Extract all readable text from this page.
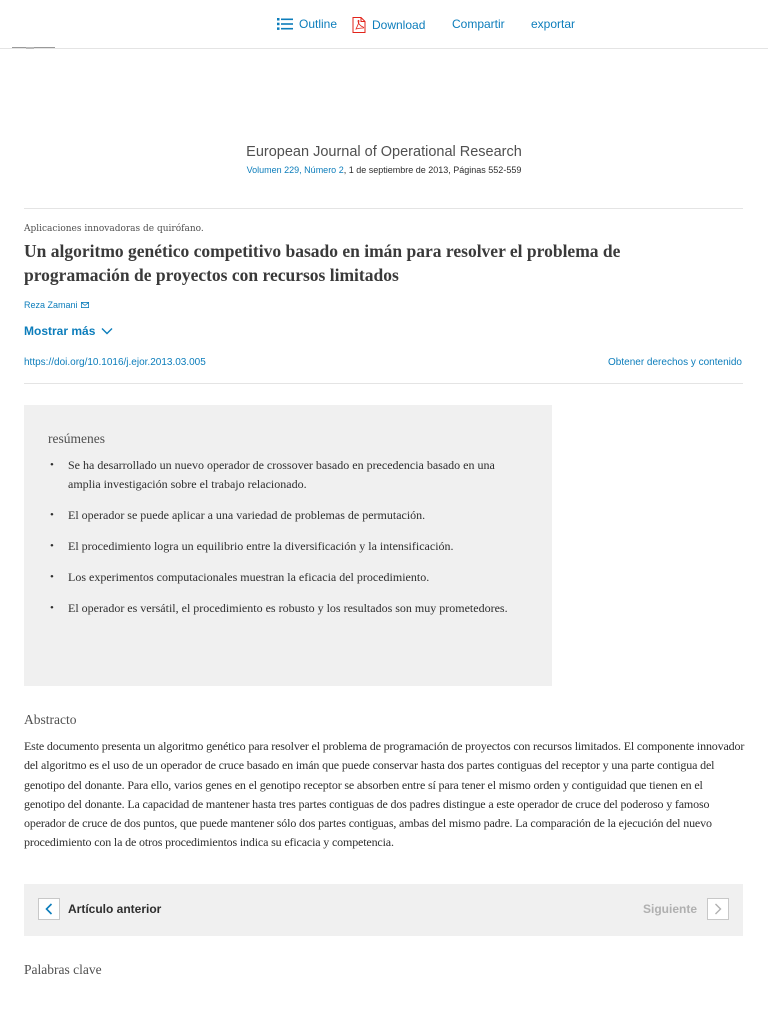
Outline	Download Compartir exportar
European Journal of Operational Research
Volumen 229, Número 2, 1 de septiembre de 2013, Páginas 552-559
Aplicaciones innovadoras de quirófano.
Un algoritmo genético competitivo basado en imán para resolver el problema de programación de proyectos con recursos limitados
Reza Zamani
Mostrar más
https://doi.org/10.1016/j.ejor.2013.03.005	Obtener derechos y contenido
resúmenes
• Se ha desarrollado un nuevo operador de crossover basado en precedencia basado en una amplia investigación sobre el trabajo relacionado.
• El operador se puede aplicar a una variedad de problemas de permutación.
• El procedimiento logra un equilibrio entre la diversificación y la intensificación.
• Los experimentos computacionales muestran la eficacia del procedimiento.
• El operador es versátil, el procedimiento es robusto y los resultados son muy prometedores.
Abstracto

Este documento presenta un algoritmo genético para resolver el problema de programación de proyectos con recursos limitados. El componente innovador del algoritmo es el uso de un operador de cruce basado en imán que puede conservar hasta dos partes contiguas del receptor y una parte contigua del genotipo del donante. Para ello, varios genes en el genotipo receptor se absorben entre sí para tener el mismo orden y contiguidad que tienen en el genotipo del donante. La capacidad de mantener hasta tres partes contiguas de dos padres distingue a este operador de cruce del poderoso y famoso operador de cruce de dos puntos, que puede mantener sólo dos partes contiguas, ambas del mismo padre. La comparación de la ejecución del nuevo procedimiento con la de otros procedimientos indica su eficacia y competencia.

Artículo anterior	Siguiente
Palabras clave
